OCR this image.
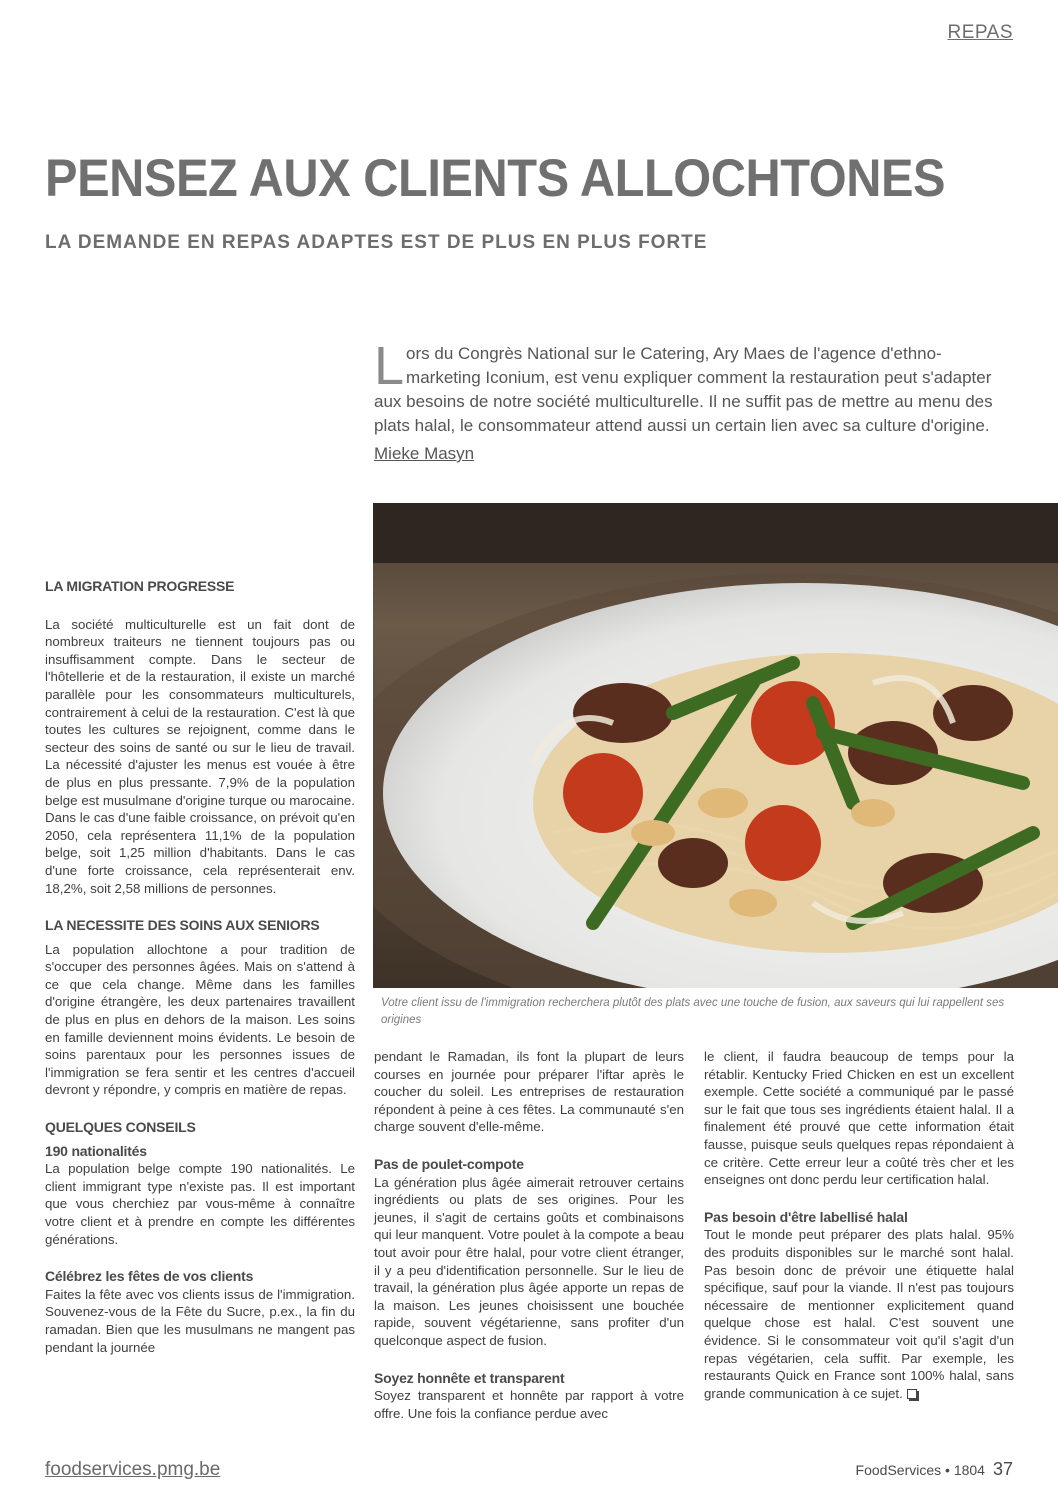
REPAS
PENSEZ AUX CLIENTS ALLOCHTONES
LA DEMANDE EN REPAS ADAPTES EST DE PLUS EN PLUS FORTE
Lors du Congrès National sur le Catering, Ary Maes de l'agence d'ethno-marketing Iconium, est venu expliquer comment la restauration peut s'adapter aux besoins de notre société multiculturelle. Il ne suffit pas de mettre au menu des plats halal, le consommateur attend aussi un certain lien avec sa culture d'origine.
Mieke Masyn
Votre client issu de l'immigration recherchera plutôt des plats avec une touche de fusion, aux saveurs qui lui rappellent ses origines
LA MIGRATION PROGRESSE

La société multiculturelle est un fait dont de nombreux traiteurs ne tiennent toujours pas ou insuffisamment compte. Dans le secteur de l'hôtellerie et de la restauration, il existe un marché parallèle pour les consommateurs multiculturels, contrairement à celui de la restauration. C'est là que toutes les cultures se rejoignent, comme dans le secteur des soins de santé ou sur le lieu de travail. La nécessité d'ajuster les menus est vouée à être de plus en plus pressante. 7,9% de la population belge est musulmane d'origine turque ou marocaine. Dans le cas d'une faible croissance, on prévoit qu'en 2050, cela représentera 11,1% de la population belge, soit 1,25 million d'habitants. Dans le cas d'une forte croissance, cela représenterait env. 18,2%, soit 2,58 millions de personnes.

LA NECESSITE DES SOINS AUX SENIORS

La population allochtone a pour tradition de s'occuper des personnes âgées. Mais on s'attend à ce que cela change. Même dans les familles d'origine étrangère, les deux partenaires travaillent de plus en plus en dehors de la maison. Les soins en famille deviennent moins évidents. Le besoin de soins parentaux pour les personnes issues de l'immigration se fera sentir et les centres d'accueil devront y répondre, y compris en matière de repas.

QUELQUES CONSEILS
190 nationalités

La population belge compte 190 nationalités. Le client immigrant type n'existe pas. Il est important que vous cherchiez par vous-même à connaître votre client et à prendre en compte les différentes générations.

Célébrez les fêtes de vos clients

Faites la fête avec vos clients issus de l'immigration. Souvenez-vous de la Fête du Sucre, p.ex., la fin du ramadan. Bien que les musulmans ne mangent pas pendant la journée

pendant le Ramadan, ils font la plupart de leurs courses en journée pour préparer l'iftar après le coucher du soleil. Les entreprises de restauration répondent à peine à ces fêtes. La communauté s'en charge souvent d'elle-même.

Pas de poulet-compote

La génération plus âgée aimerait retrouver certains ingrédients ou plats de ses origines. Pour les jeunes, il s'agit de certains goûts et combinaisons qui leur manquent. Votre poulet à la compote a beau tout avoir pour être halal, pour votre client étranger, il y a peu d'identification personnelle. Sur le lieu de travail, la génération plus âgée apporte un repas de la maison. Les jeunes choisissent une bouchée rapide, souvent végétarienne, sans profiter d'un quelconque aspect de fusion.

Soyez honnête et transparent

Soyez transparent et honnête par rapport à votre offre. Une fois la confiance perdue avec

le client, il faudra beaucoup de temps pour la rétablir. Kentucky Fried Chicken en est un excellent exemple. Cette société a communiqué par le passé sur le fait que tous ses ingrédients étaient halal. Il a finalement été prouvé que cette information était fausse, puisque seuls quelques repas répondaient à ce critère. Cette erreur leur a coûté très cher et les enseignes ont donc perdu leur certification halal.

Pas besoin d'être labellisé halal

Tout le monde peut préparer des plats halal. 95% des produits disponibles sur le marché sont halal. Pas besoin donc de prévoir une étiquette halal spécifique, sauf pour la viande. Il n'est pas toujours nécessaire de mentionner explicitement quand quelque chose est halal. C'est souvent une évidence. Si le consommateur voit qu'il s'agit d'un repas végétarien, cela suffit. Par exemple, les restaurants Quick en France sont 100% halal, sans grande communication à ce sujet.

foodservices.pmg.be	FoodServices • 1804 37
